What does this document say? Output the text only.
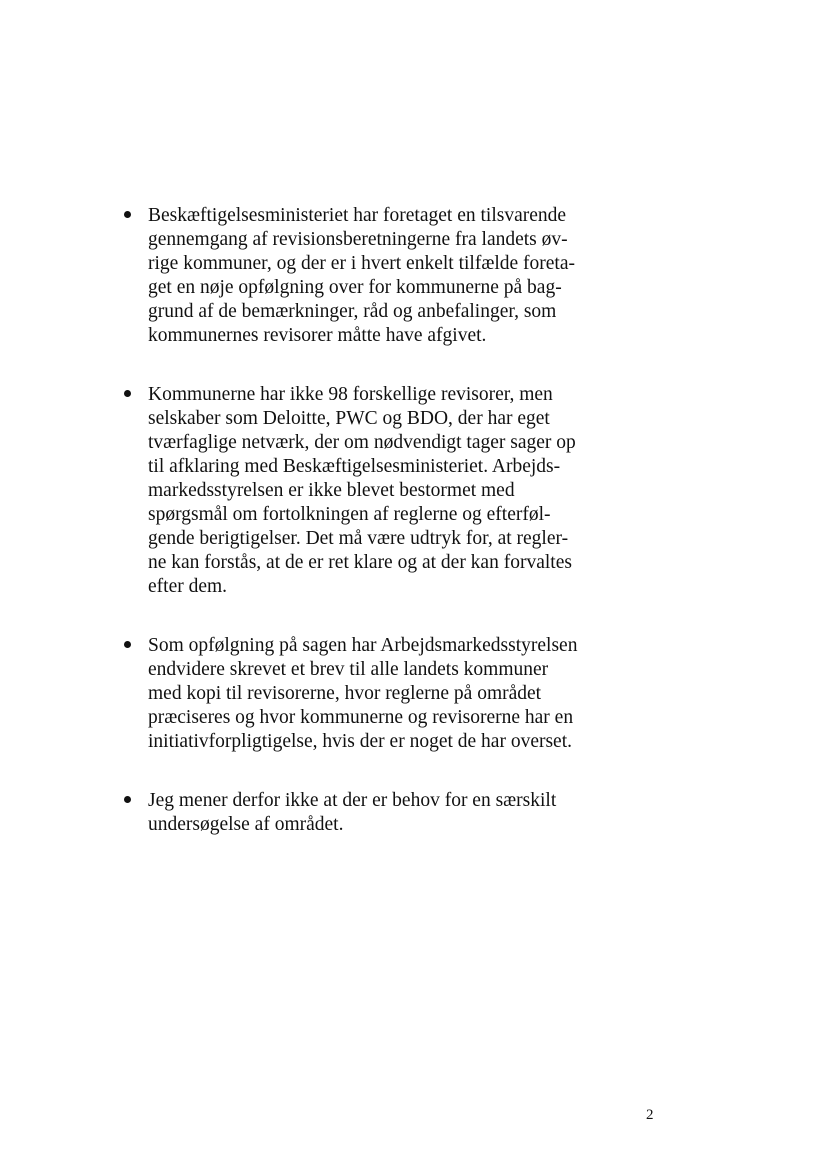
Beskæftigelsesministeriet har foretaget en tilsvarende
gennemgang af revisionsberetningerne fra landets øv-
rige kommuner, og der er i hvert enkelt tilfælde foreta-
get en nøje opfølgning over for kommunerne på bag-
grund af de bemærkninger, råd og anbefalinger, som
kommunernes revisorer måtte have afgivet.
Kommunerne har ikke 98 forskellige revisorer, men
selskaber som Deloitte, PWC og BDO, der har eget
tværfaglige netværk, der om nødvendigt tager sager op
til afklaring med Beskæftigelsesministeriet. Arbejds-
markedsstyrelsen er ikke blevet bestormet med
spørgsmål om fortolkningen af reglerne og efterføl-
gende berigtigelser. Det må være udtryk for, at regler-
ne kan forstås, at de er ret klare og at der kan forvaltes
efter dem.
Som opfølgning på sagen har Arbejdsmarkedsstyrelsen
endvidere skrevet et brev til alle landets kommuner
med kopi til revisorerne, hvor reglerne på området
præciseres og hvor kommunerne og revisorerne har en
initiativforpligtigelse, hvis der er noget de har overset.
Jeg mener derfor ikke at der er behov for en særskilt
undersøgelse af området.
2
